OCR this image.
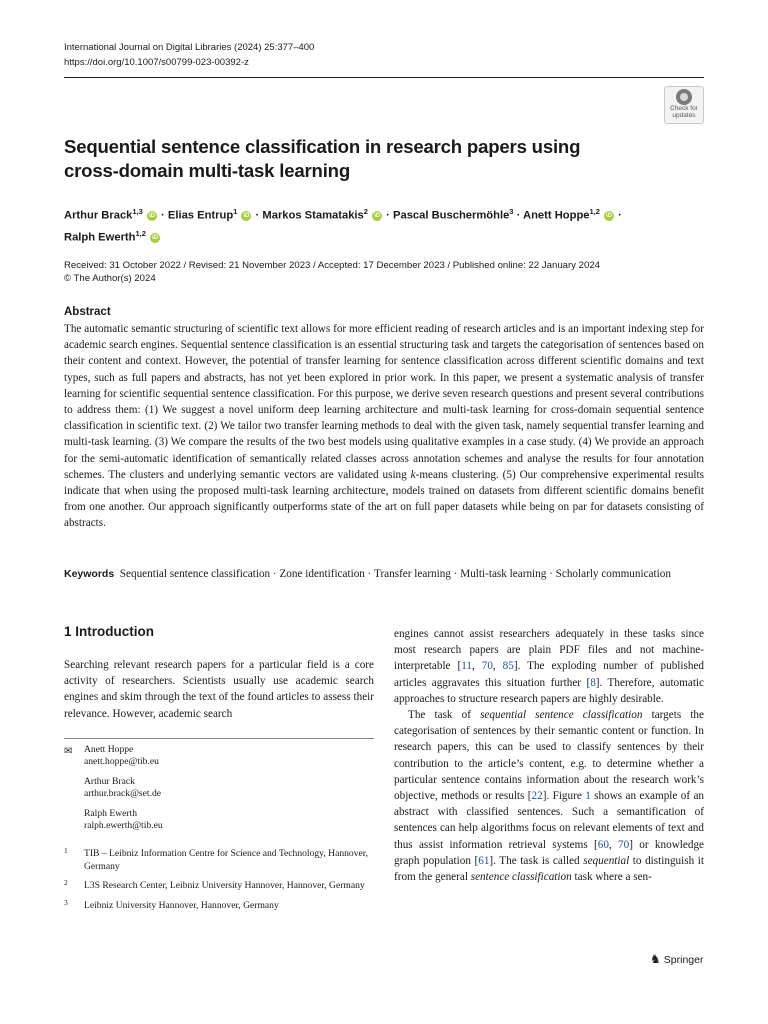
International Journal on Digital Libraries (2024) 25:377–400
https://doi.org/10.1007/s00799-023-00392-z
Check for
updates
Sequential sentence classification in research papers using cross-domain multi-task learning
Arthur Brack$^{1,3}$ iD · Elias Entrup$^1$ iD · Markos Stamatakis$^2$ iD · Pascal Buschermöhle$^3$ · Anett Hoppe$^{1,2}$ iD ·
Ralph Ewerth$^{1,2}$ iD
Received: 31 October 2022 / Revised: 21 November 2023 / Accepted: 17 December 2023 / Published online: 22 January 2024
© The Author(s) 2024
Abstract
The automatic semantic structuring of scientific text allows for more efficient reading of research articles and is an important indexing step for academic search engines. Sequential sentence classification is an essential structuring task and targets the categorisation of sentences based on their content and context. However, the potential of transfer learning for sentence classification across different scientific domains and text types, such as full papers and abstracts, has not yet been explored in prior work. In this paper, we present a systematic analysis of transfer learning for scientific sequential sentence classification. For this purpose, we derive seven research questions and present several contributions to address them: (1) We suggest a novel uniform deep learning architecture and multi-task learning for cross-domain sequential sentence classification in scientific text. (2) We tailor two transfer learning methods to deal with the given task, namely sequential transfer learning and multi-task learning. (3) We compare the results of the two best models using qualitative examples in a case study. (4) We provide an approach for the semi-automatic identification of semantically related classes across annotation schemes and analyse the results for four annotation schemes. The clusters and underlying semantic vectors are validated using k-means clustering. (5) Our comprehensive experimental results indicate that when using the proposed multi-task learning architecture, models trained on datasets from different scientific domains benefit from one another. Our approach significantly outperforms state of the art on full paper datasets while being on par for datasets consisting of abstracts.
Keywords Sequential sentence classification · Zone identification · Transfer learning · Multi-task learning · Scholarly communication
1 Introduction
Searching relevant research papers for a particular field is a core activity of researchers. Scientists usually use academic search engines and skim through the text of the found articles to assess their relevance. However, academic search
✉ Anett Hoppe
anett.hoppe@tib.eu
Arthur Brack
arthur.brack@set.de
Ralph Ewerth
ralph.ewerth@tib.eu
1 TIB – Leibniz Information Centre for Science and Technology, Hannover, Germany
2 L3S Research Center, Leibniz University Hannover, Hannover, Germany
3 Leibniz University Hannover, Hannover, Germany
engines cannot assist researchers adequately in these tasks since most research papers are plain PDF files and not machine-interpretable [11, 70, 85]. The exploding number of published articles aggravates this situation further [8]. Therefore, automatic approaches to structure research papers are highly desirable.
The task of sequential sentence classification targets the categorisation of sentences by their semantic content or function. In research papers, this can be used to classify sentences by their contribution to the article’s content, e.g. to determine whether a particular sentence contains information about the research work’s objective, methods or results [22]. Figure 1 shows an example of an abstract with classified sentences. Such a semantification of sentences can help algorithms focus on relevant elements of text and thus assist information retrieval systems [60, 70] or knowledge graph population [61]. The task is called sequential to distinguish it from the general sentence classification task where a sen-
♞ Springer
